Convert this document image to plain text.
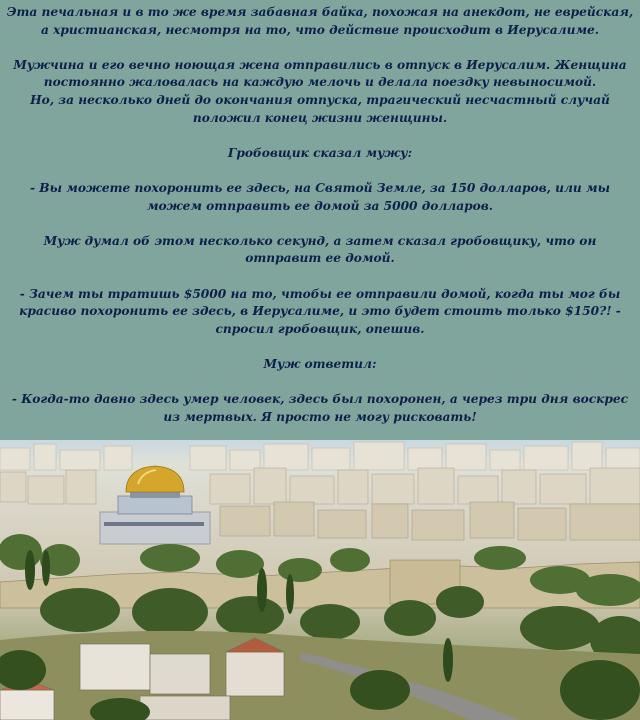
Эта печальная и в то же время забавная байка, похожая на анекдот, не еврейская, а христианская, несмотря на то, что действие происходит в Иерусалиме.

Мужчина и его вечно ноющая жена отправились в отпуск в Иерусалим. Женщина постоянно жаловалась на каждую мелочь и делала поездку невыносимой.

Но, за несколько дней до окончания отпуска, трагический несчастный случай положил конец жизни женщины.

Гробовщик сказал мужу:

- Вы можете похоронить ее здесь, на Святой Земле, за 150 долларов, или мы можем отправить ее домой за 5000 долларов.

Муж думал об этом несколько секунд, а затем сказал гробовщику, что он отправит ее домой.

- Зачем ты тратишь $5000 на то, чтобы ее отправили домой, когда ты мог бы красиво похоронить ее здесь, в Иерусалиме, и это будет стоить только $150?! - спросил гробовщик, опешив.

Муж ответил:

- Когда-то давно здесь умер человек, здесь был похоронен, а через три дня воскрес из мертвых. Я просто не могу рисковать!
